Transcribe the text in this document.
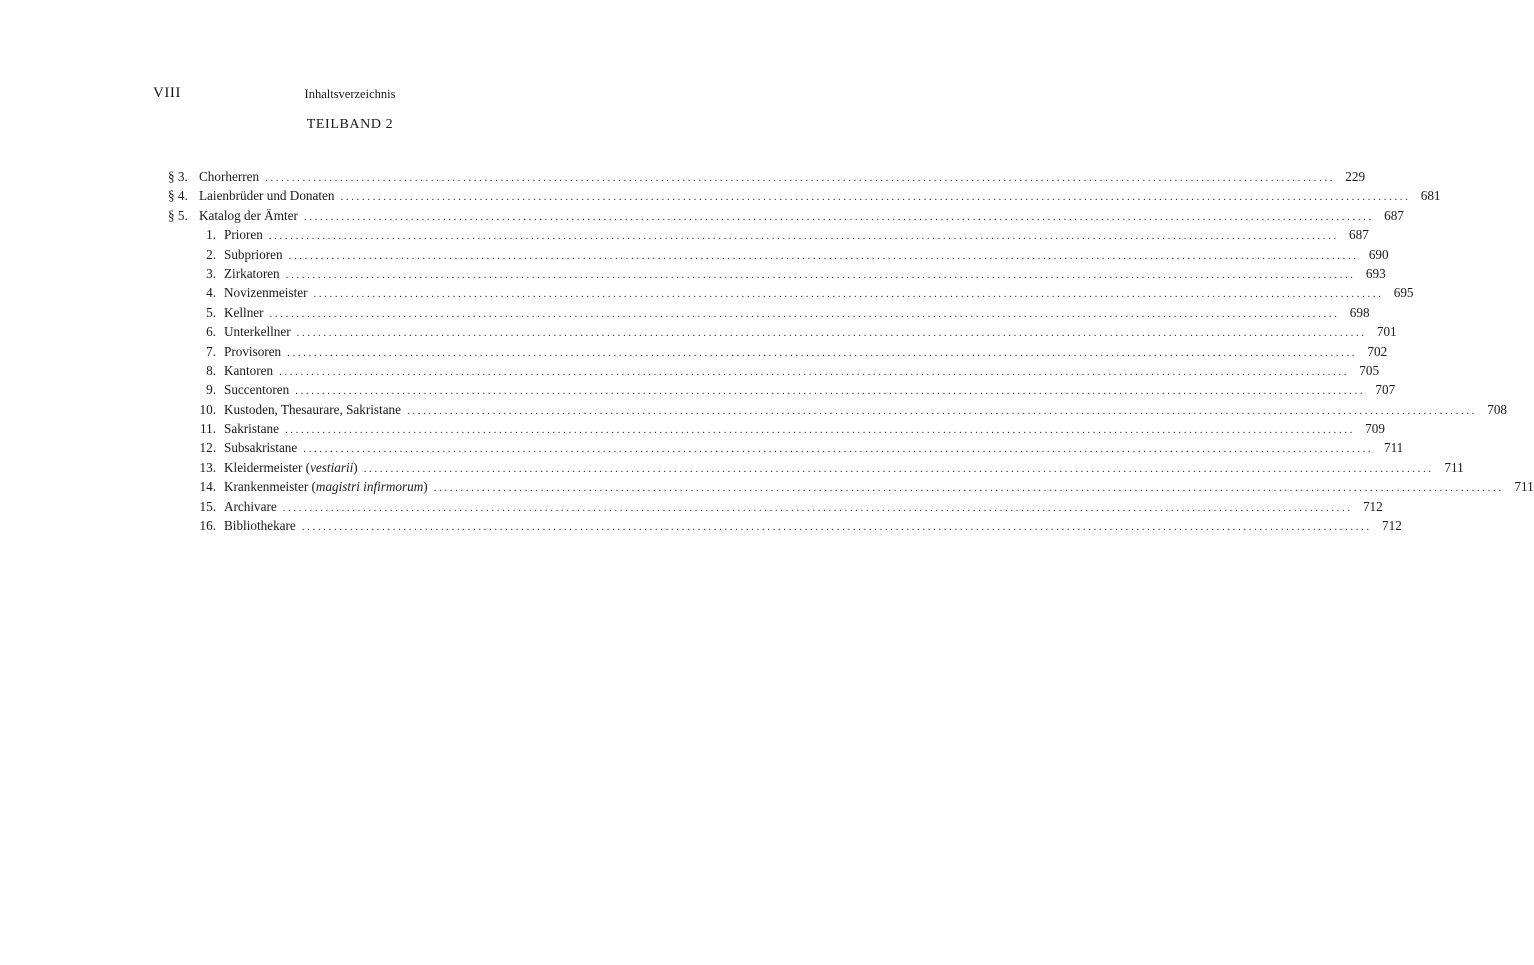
VIII	Inhaltsverzeichnis
TEILBAND 2
§ 3. Chorherren ........................................................................................................................................................................................................ 229
§ 4. Laienbrüder und Donaten ........................................................................................................................................................................................................ 681
§ 5. Katalog der Ämter ........................................................................................................................................................................................................ 687
1. Prioren ........................................................................................................................................................................................................ 687
2. Subprioren ........................................................................................................................................................................................................ 690
3. Zirkatoren ........................................................................................................................................................................................................ 693
4. Novizenmeister ........................................................................................................................................................................................................ 695
5. Kellner ........................................................................................................................................................................................................ 698
6. Unterkellner ........................................................................................................................................................................................................ 701
7. Provisoren ........................................................................................................................................................................................................ 702
8. Kantoren ........................................................................................................................................................................................................ 705
9. Succentoren ........................................................................................................................................................................................................ 707
10. Kustoden, Thesaurare, Sakristane ........................................................................................................................................................................................................ 708
11. Sakristane ........................................................................................................................................................................................................ 709
12. Subsakristane ........................................................................................................................................................................................................ 711
13. Kleidermeister (vestiarii) ........................................................................................................................................................................................................ 711
14. Krankenmeister (magistri infirmorum) ........................................................................................................................................................................................................ 711
15. Archivare ........................................................................................................................................................................................................ 712
16. Bibliothekare ........................................................................................................................................................................................................ 712
